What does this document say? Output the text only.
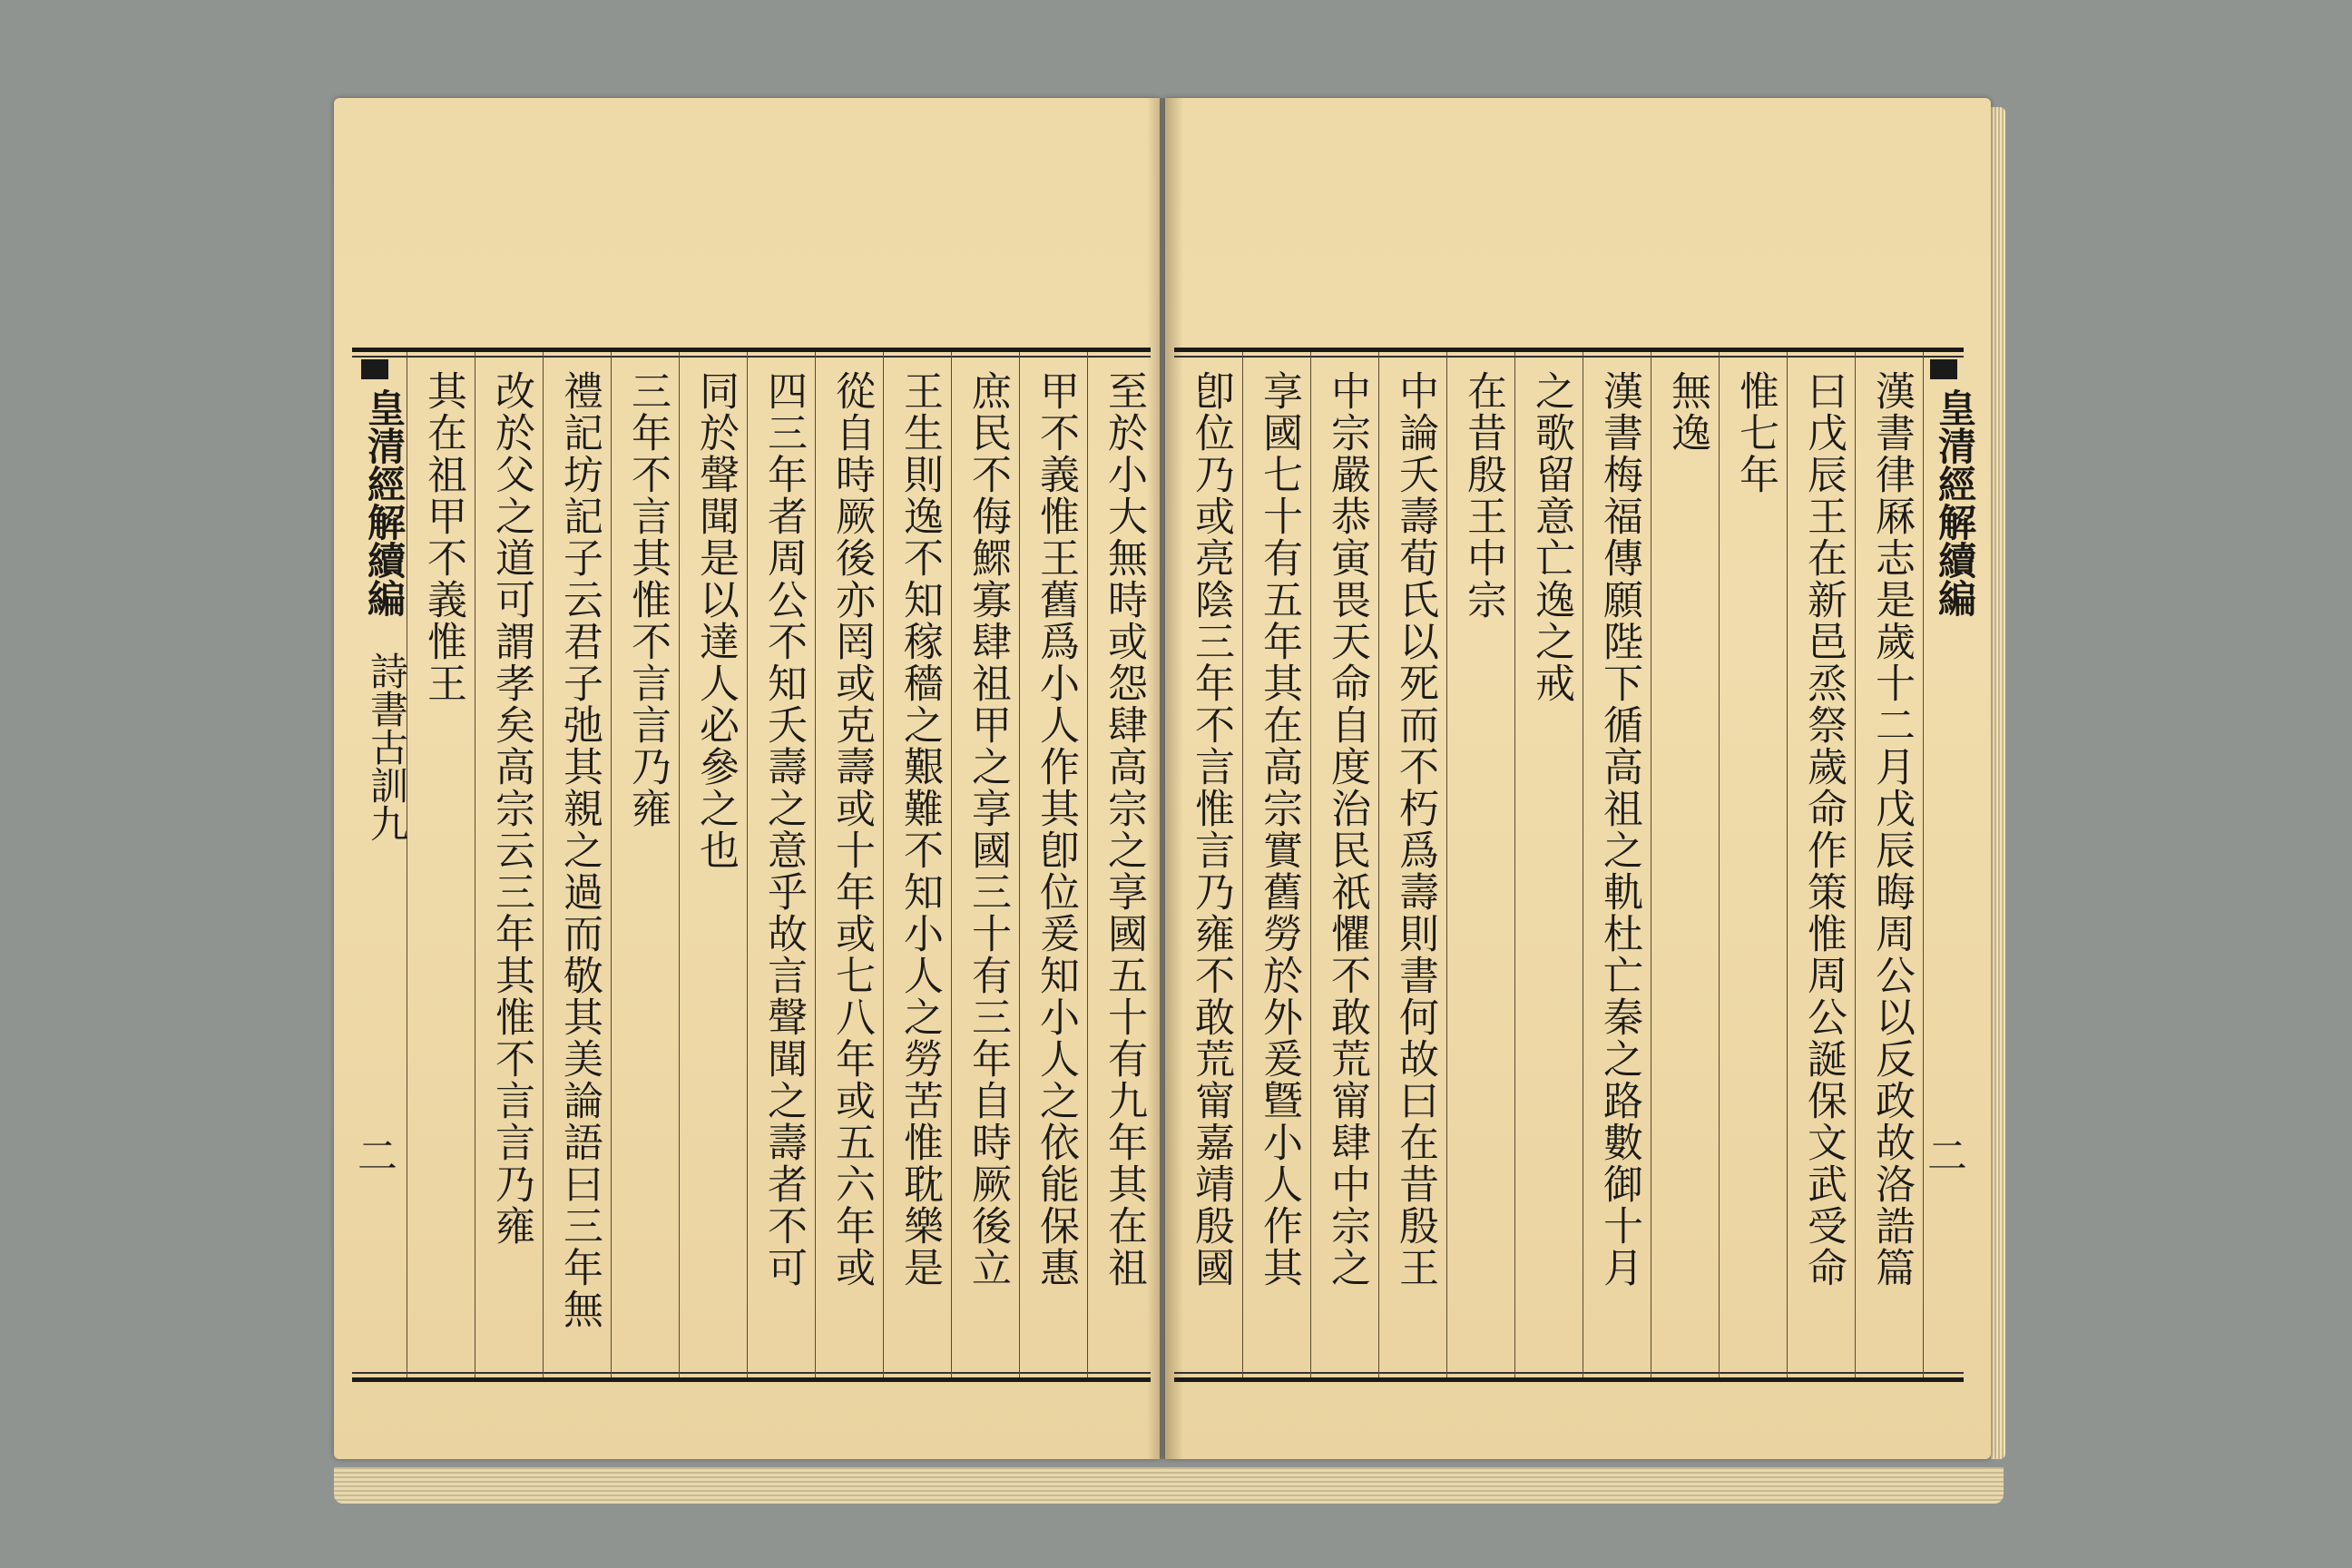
皇清經解續編
詩書古訓九
二	至於小大無時或怨肆高宗之享國五十有九年其在祖
甲不義惟王舊爲小人作其卽位爰知小人之依能保惠
庶民不侮鰥寡肆祖甲之享國三十有三年自時厥後立
王生則逸不知稼穡之艱難不知小人之勞苦惟耽樂是
從自時厥後亦罔或克壽或十年或七八年或五六年或
四三年者周公不知夭壽之意乎故言聲聞之壽者不可
同於聲聞是以達人必參之也
三年不言其惟不言言乃雍
禮記坊記子云君子弛其親之過而敬其美論語曰三年無
改於父之道可謂孝矣高宗云三年其惟不言言乃雍
其在祖甲不義惟王	皇清經解續編
二
漢書律厤志是歲十二月戊辰晦周公以反政故洛誥篇
曰戊辰王在新邑烝祭歲命作策惟周公誕保文武受命
惟七年
無逸
漢書梅福傳願陛下循高祖之軌杜亡秦之路數御十月
之歌留意亡逸之戒
在昔殷王中宗
中論夭壽荀氏以死而不朽爲壽則書何故曰在昔殷王
中宗嚴恭寅畏天命自度治民祇懼不敢荒甯肆中宗之
享國七十有五年其在高宗實舊勞於外爰曁小人作其
卽位乃或亮陰三年不言惟言乃雍不敢荒甯嘉靖殷國
